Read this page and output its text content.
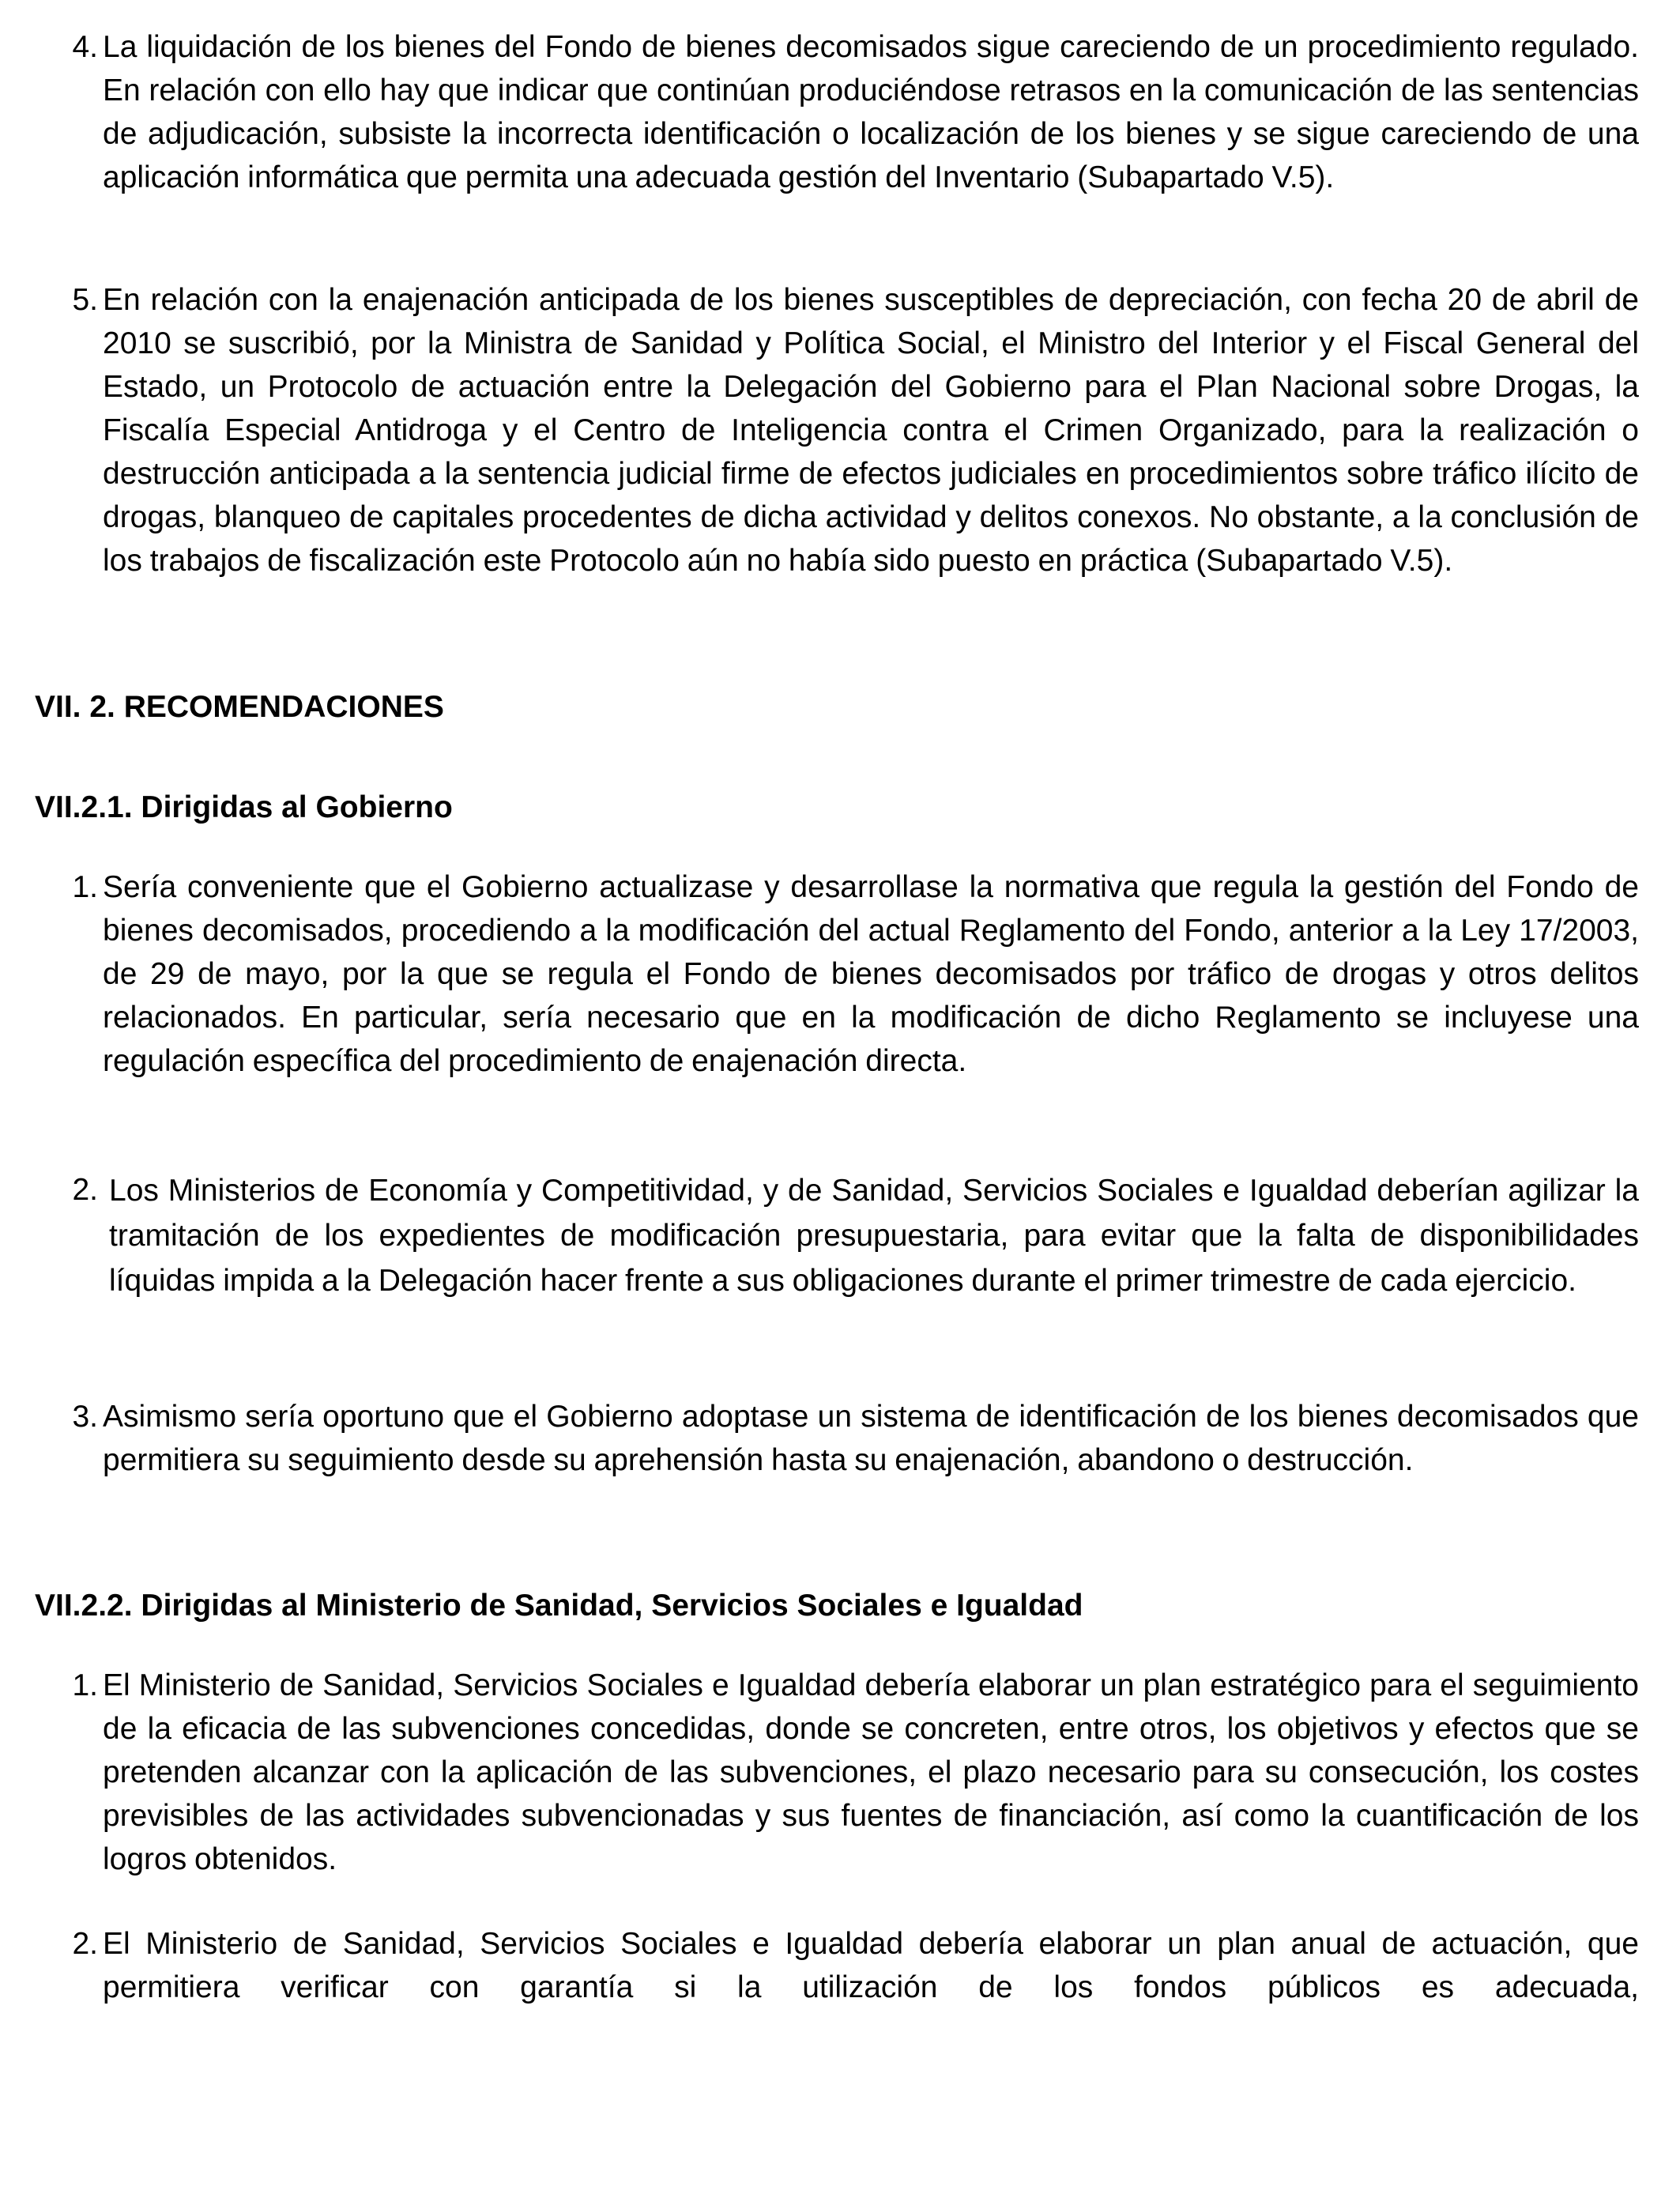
4. La liquidación de los bienes del Fondo de bienes decomisados sigue careciendo de un procedimiento regulado. En relación con ello hay que indicar que continúan produciéndose retrasos en la comunicación de las sentencias de adjudicación, subsiste la incorrecta identificación o localización de los bienes y se sigue careciendo de una aplicación informática que permita una adecuada gestión del Inventario (Subapartado V.5).
5. En relación con la enajenación anticipada de los bienes susceptibles de depreciación, con fecha 20 de abril de 2010 se suscribió, por la Ministra de Sanidad y Política Social, el Ministro del Interior y el Fiscal General del Estado, un Protocolo de actuación entre la Delegación del Gobierno para el Plan Nacional sobre Drogas, la Fiscalía Especial Antidroga y el Centro de Inteligencia contra el Crimen Organizado, para la realización o destrucción anticipada a la sentencia judicial firme de efectos judiciales en procedimientos sobre tráfico ilícito de drogas, blanqueo de capitales procedentes de dicha actividad y delitos conexos. No obstante, a la conclusión de los trabajos de fiscalización este Protocolo aún no había sido puesto en práctica (Subapartado V.5).
VII. 2. RECOMENDACIONES
VII.2.1. Dirigidas al Gobierno
1. Sería conveniente que el Gobierno actualizase y desarrollase la normativa que regula la gestión del Fondo de bienes decomisados, procediendo a la modificación del actual Reglamento del Fondo, anterior a la Ley 17/2003, de 29 de mayo, por la que se regula el Fondo de bienes decomisados por tráfico de drogas y otros delitos relacionados. En particular, sería necesario que en la modificación de dicho Reglamento se incluyese una regulación específica del procedimiento de enajenación directa.
2. Los Ministerios de Economía y Competitividad, y de Sanidad, Servicios Sociales e Igualdad deberían agilizar la tramitación de los expedientes de modificación presupuestaria, para evitar que la falta de disponibilidades líquidas impida a la Delegación hacer frente a sus obligaciones durante el primer trimestre de cada ejercicio.
3. Asimismo sería oportuno que el Gobierno adoptase un sistema de identificación de los bienes decomisados que permitiera su seguimiento desde su aprehensión hasta su enajenación, abandono o destrucción.
VII.2.2. Dirigidas al Ministerio de Sanidad, Servicios Sociales e Igualdad
1. El Ministerio de Sanidad, Servicios Sociales e Igualdad debería elaborar un plan estratégico para el seguimiento de la eficacia de las subvenciones concedidas, donde se concreten, entre otros, los objetivos y efectos que se pretenden alcanzar con la aplicación de las subvenciones, el plazo necesario para su consecución, los costes previsibles de las actividades subvencionadas y sus fuentes de financiación, así como la cuantificación de los logros obtenidos.
2. El Ministerio de Sanidad, Servicios Sociales e Igualdad debería elaborar un plan anual de actuación, que permitiera verificar con garantía si la utilización de los fondos públicos es adecuada,
